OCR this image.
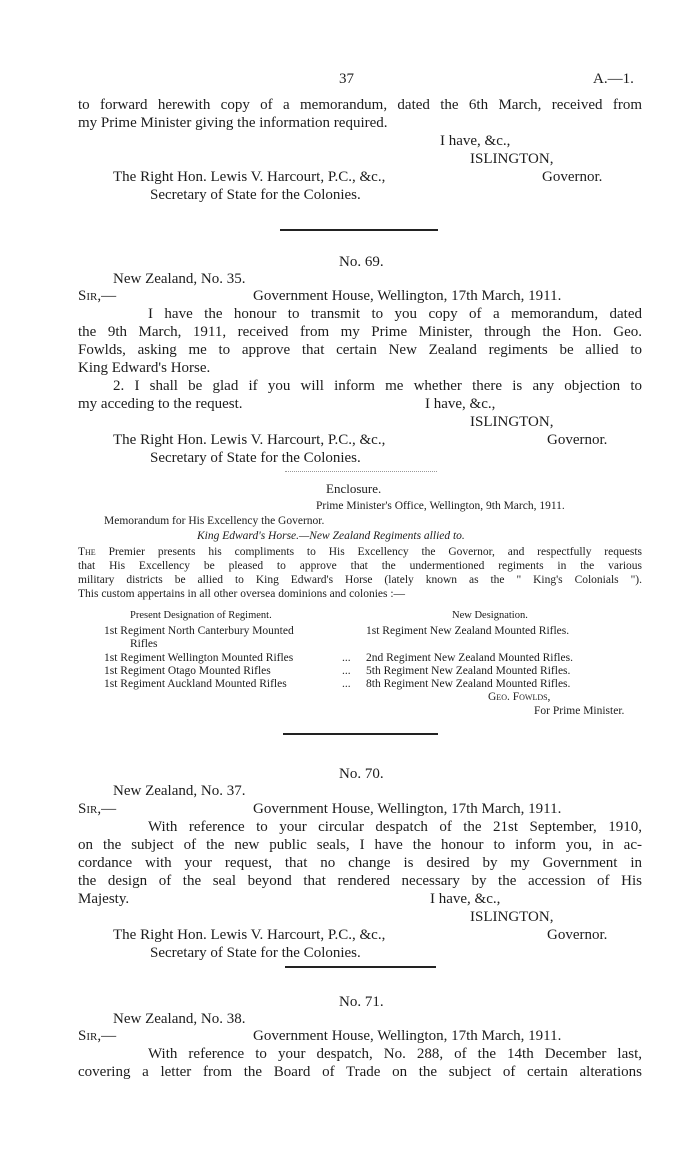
37	A.—1.
to forward herewith copy of a memorandum, dated the 6th March, received from
my Prime Minister giving the information required.
I have, &c.,
ISLINGTON,
The Right Hon. Lewis V. Harcourt, P.C., &c.,	Governor.
Secretary of State for the Colonies.
No. 69.
New Zealand, No. 35.
Sir,—	Government House, Wellington, 17th March, 1911.
I have the honour to transmit to you copy of a memorandum, dated
the 9th March, 1911, received from my Prime Minister, through the Hon. Geo.
Fowlds, asking me to approve that certain New Zealand regiments be allied to
King Edward's Horse.
2. I shall be glad if you will inform me whether there is any objection to
my acceding to the request.	I have, &c.,
ISLINGTON,
The Right Hon. Lewis V. Harcourt, P.C., &c.,	Governor.
Secretary of State for the Colonies.
Enclosure.
Prime Minister's Office, Wellington, 9th March, 1911.
Memorandum for His Excellency the Governor.
King Edward's Horse.—New Zealand Regiments allied to.
The Premier presents his compliments to His Excellency the Governor, and respectfully requests
that His Excellency be pleased to approve that the undermentioned regiments in the various
military districts be allied to King Edward's Horse (lately known as the " King's Colonials ").
This custom appertains in all other oversea dominions and colonies :—
Present Designation of Regiment.	New Designation.
1st Regiment North Canterbury Mounted	1st Regiment New Zealand Mounted Rifles.
Rifles
1st Regiment Wellington Mounted Rifles	... 2nd Regiment New Zealand Mounted Rifles.
1st Regiment Otago Mounted Rifles	... 5th Regiment New Zealand Mounted Rifles.
1st Regiment Auckland Mounted Rifles	... 8th Regiment New Zealand Mounted Rifles.
Geo. Fowlds,
For Prime Minister.
No. 70.
New Zealand, No. 37.
Sir,—	Government House, Wellington, 17th March, 1911.
With reference to your circular despatch of the 21st September, 1910,
on the subject of the new public seals, I have the honour to inform you, in ac-
cordance with your request, that no change is desired by my Government in
the design of the seal beyond that rendered necessary by the accession of His
Majesty.	I have, &c.,
ISLINGTON,
The Right Hon. Lewis V. Harcourt, P.C., &c.,	Governor.
Secretary of State for the Colonies.
No. 71.
New Zealand, No. 38.
Sir,—	Government House, Wellington, 17th March, 1911.
With reference to your despatch, No. 288, of the 14th December last,
covering a letter from the Board of Trade on the subject of certain alterations
